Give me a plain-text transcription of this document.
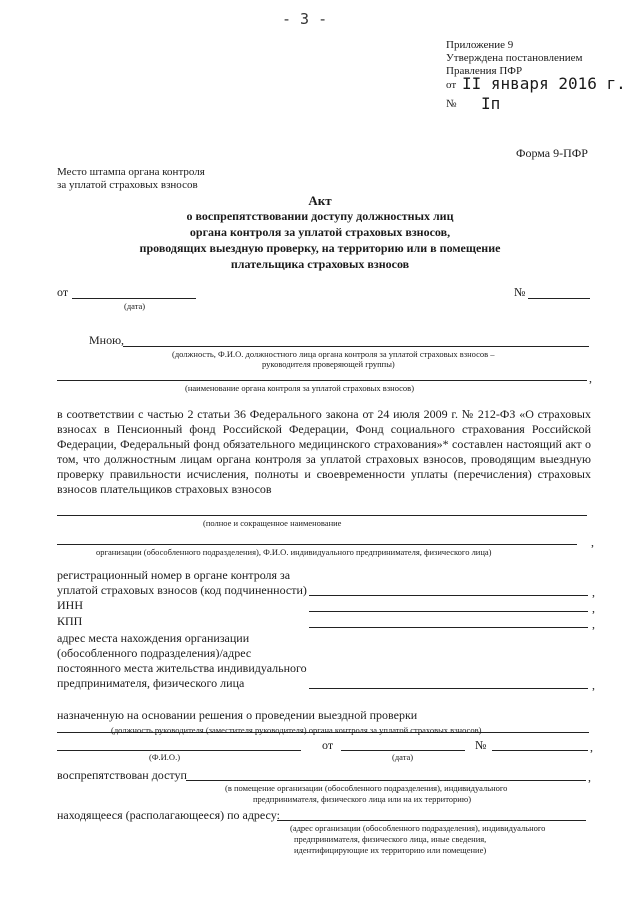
- 3 -
Приложение 9
Утверждена постановлением
Правления ПФР
от II января 2016 г.
№ Iп
Форма 9-ПФР
Место штампа органа контроля
за уплатой страховых взносов
Акт
о воспрепятствовании доступу должностных лиц
органа контроля за уплатой страховых взносов,
проводящих выездную проверку, на территорию или в помещение
плательщика страховых взносов
от
(дата)
№
Мною,
(должность, Ф.И.О. должностного лица органа контроля за уплатой страховых взносов –
руководителя проверяющей группы)
,
(наименование органа контроля за уплатой страховых взносов)
в соответствии с частью 2 статьи 36 Федерального закона от 24 июля 2009 г. № 212-ФЗ «О страховых
взносах в Пенсионный фонд Российской Федерации, Фонд социального страхования Российской
Федерации, Федеральный фонд обязательного медицинского страхования»* составлен настоящий акт о
том, что должностным лицам органа контроля за уплатой страховых взносов, проводящим выездную
проверку правильности исчисления, полноты и своевременности уплаты (перечисления) страховых
взносов плательщиков страховых взносов
(полное и сокращенное наименование
,
организации (обособленного подразделения), Ф.И.О. индивидуального предпринимателя, физического лица)
регистрационный номер в органе контроля за
уплатой страховых взносов (код подчиненности)	,
ИНН	,
КПП	,
адрес места нахождения организации
(обособленного подразделения)/адрес
постоянного места жительства индивидуального
предпринимателя, физического лица	,
назначенную на основании решения о проведении выездной проверки
(должность руководителя (заместителя руководителя) органа контроля за уплатой страховых взносов)
от	№	,
(Ф.И.О.)	(дата)
воспрепятствован доступ	,
(в помещение организации (обособленного подразделения), индивидуального
предпринимателя, физического лица или на их территорию)
находящееся (располагающееся) по адресу:
(адрес организации (обособленного подразделения), индивидуального
предпринимателя, физического лица, иные сведения,
идентифицирующие их территорию или помещение)
